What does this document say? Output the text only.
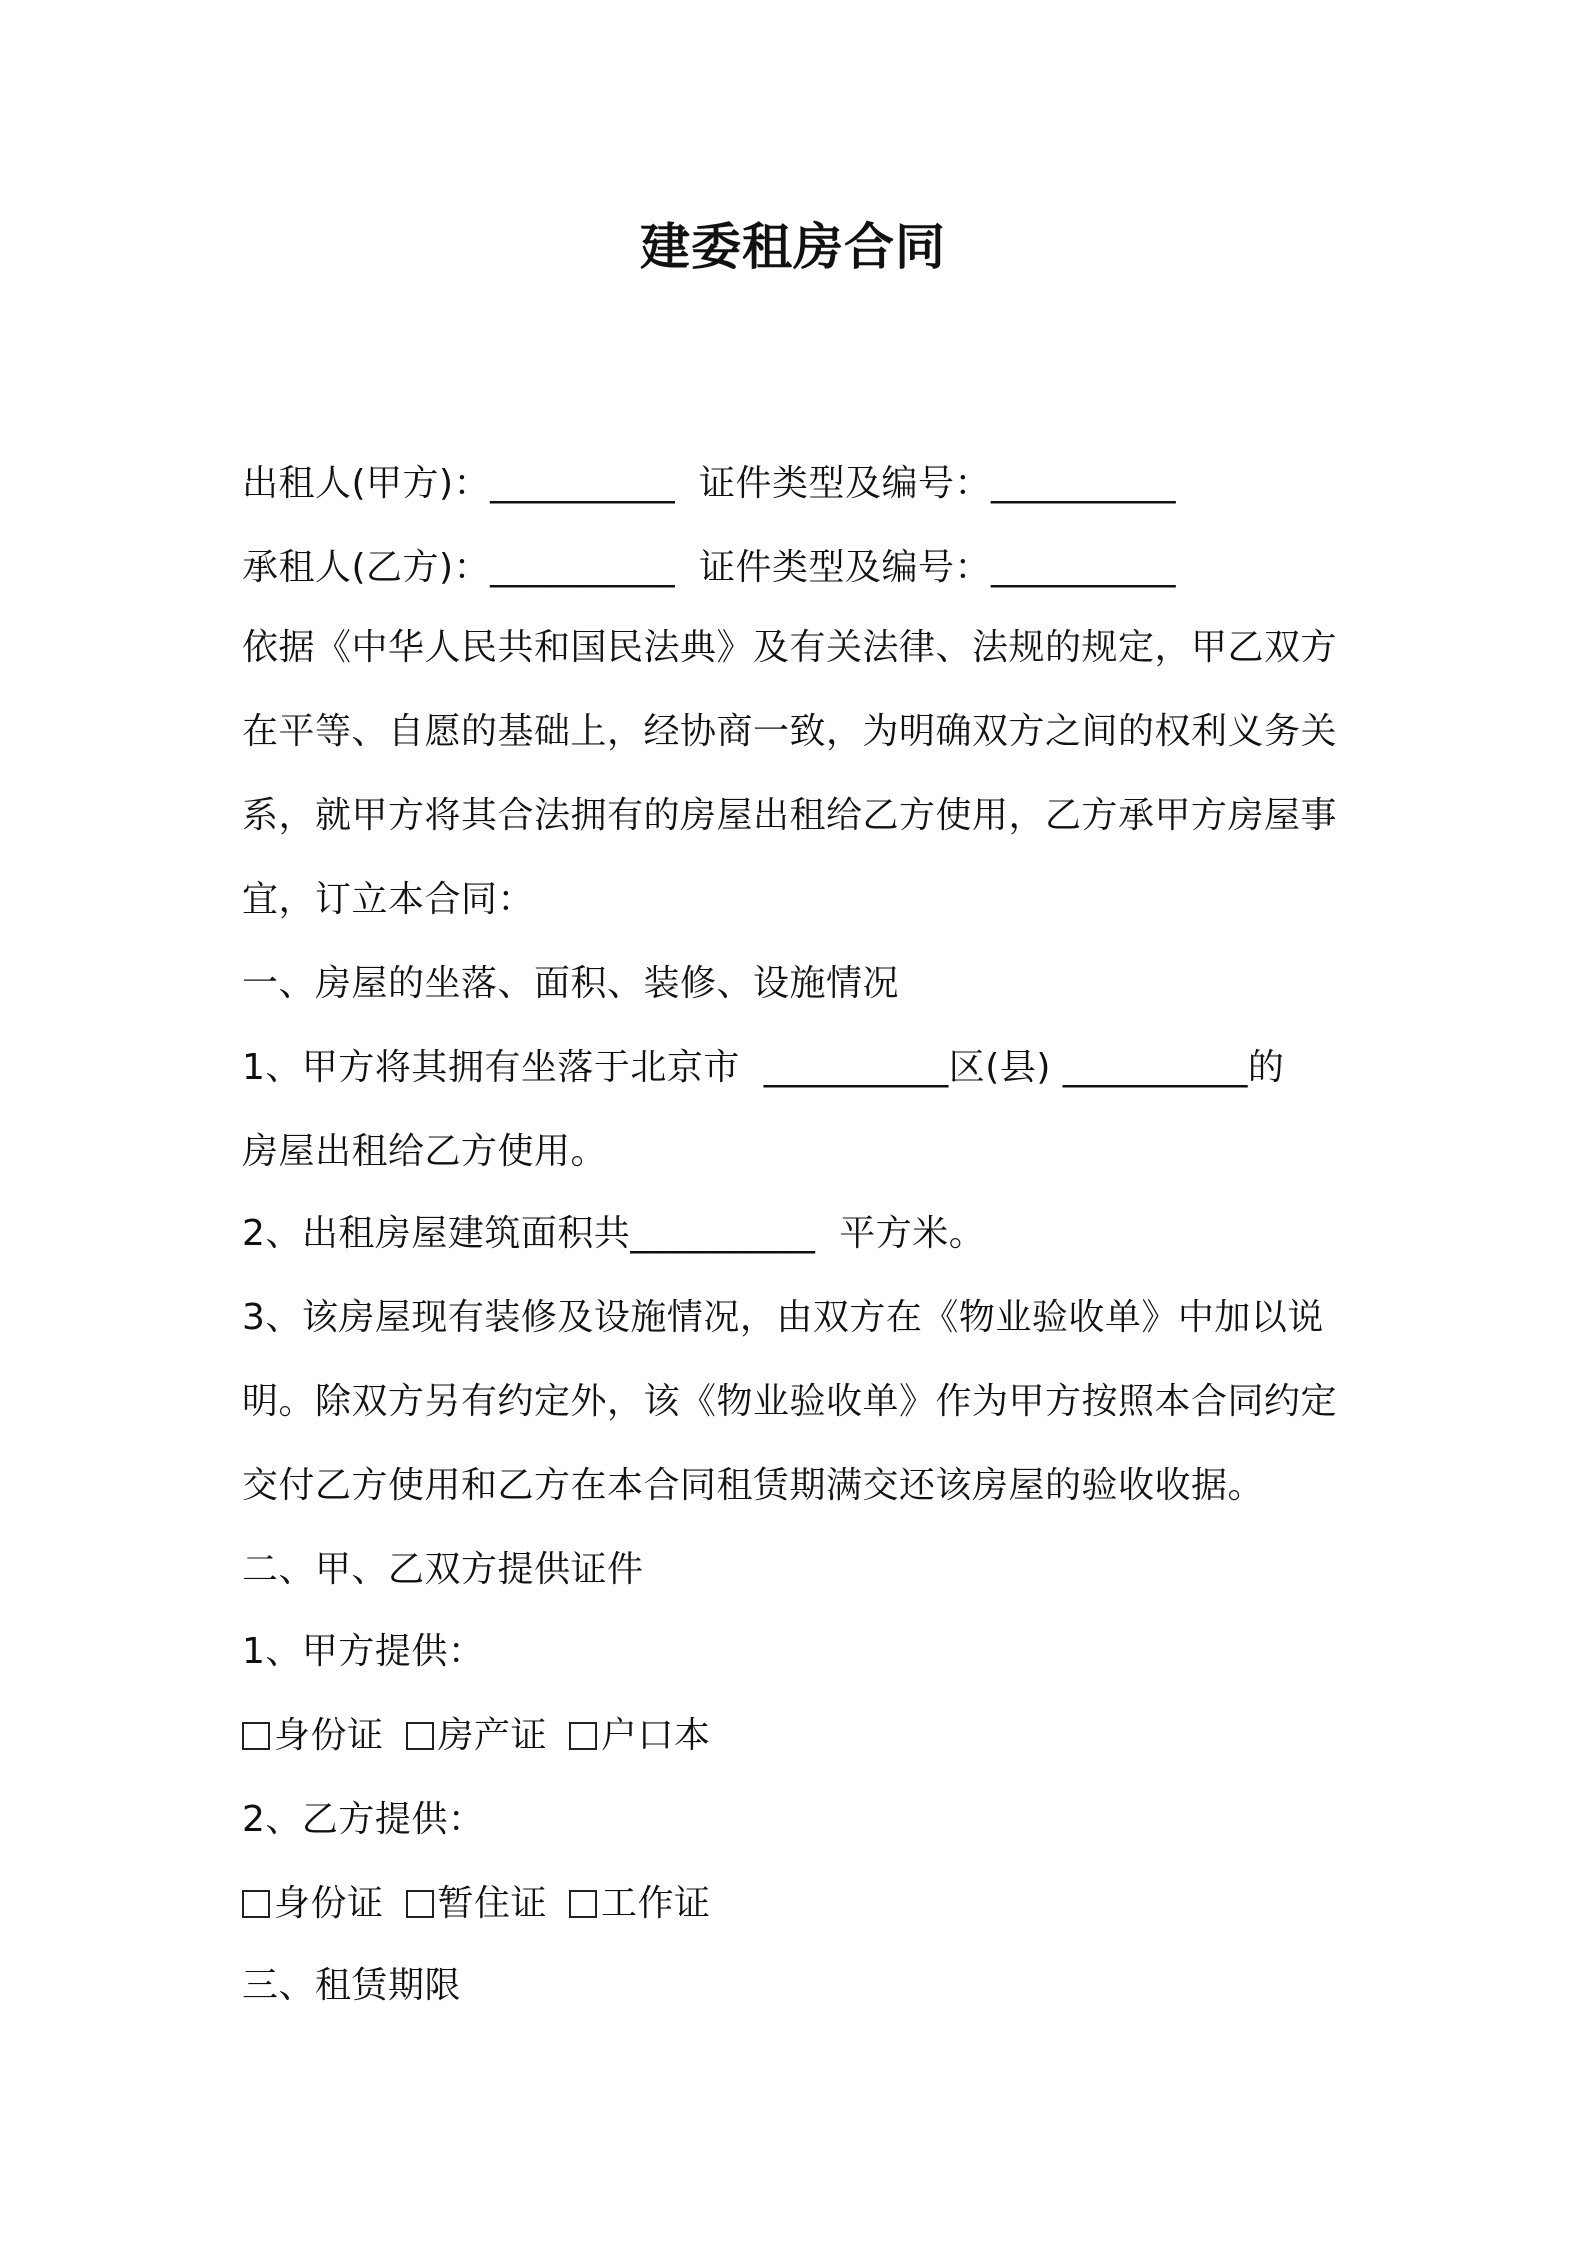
建委租房合同
出租人(甲方)：__________  证件类型及编号：__________
承租人(乙方)：__________  证件类型及编号：__________
依据《中华人民共和国民法典》及有关法律、法规的规定，甲乙双方
在平等、自愿的基础上，经协商一致，为明确双方之间的权利义务关
系，就甲方将其合法拥有的房屋出租给乙方使用，乙方承甲方房屋事
宜，订立本合同：
一、房屋的坐落、面积、装修、设施情况
1、甲方将其拥有坐落于北京市  __________区(县) __________的
房屋出租给乙方使用。
2、出租房屋建筑面积共__________  平方米。
3、该房屋现有装修及设施情况，由双方在《物业验收单》中加以说
明。除双方另有约定外，该《物业验收单》作为甲方按照本合同约定
交付乙方使用和乙方在本合同租赁期满交还该房屋的验收收据。
二、甲、乙双方提供证件
1、甲方提供：
身份证 房产证 户口本
2、乙方提供：
身份证 暂住证 工作证
三、租赁期限
